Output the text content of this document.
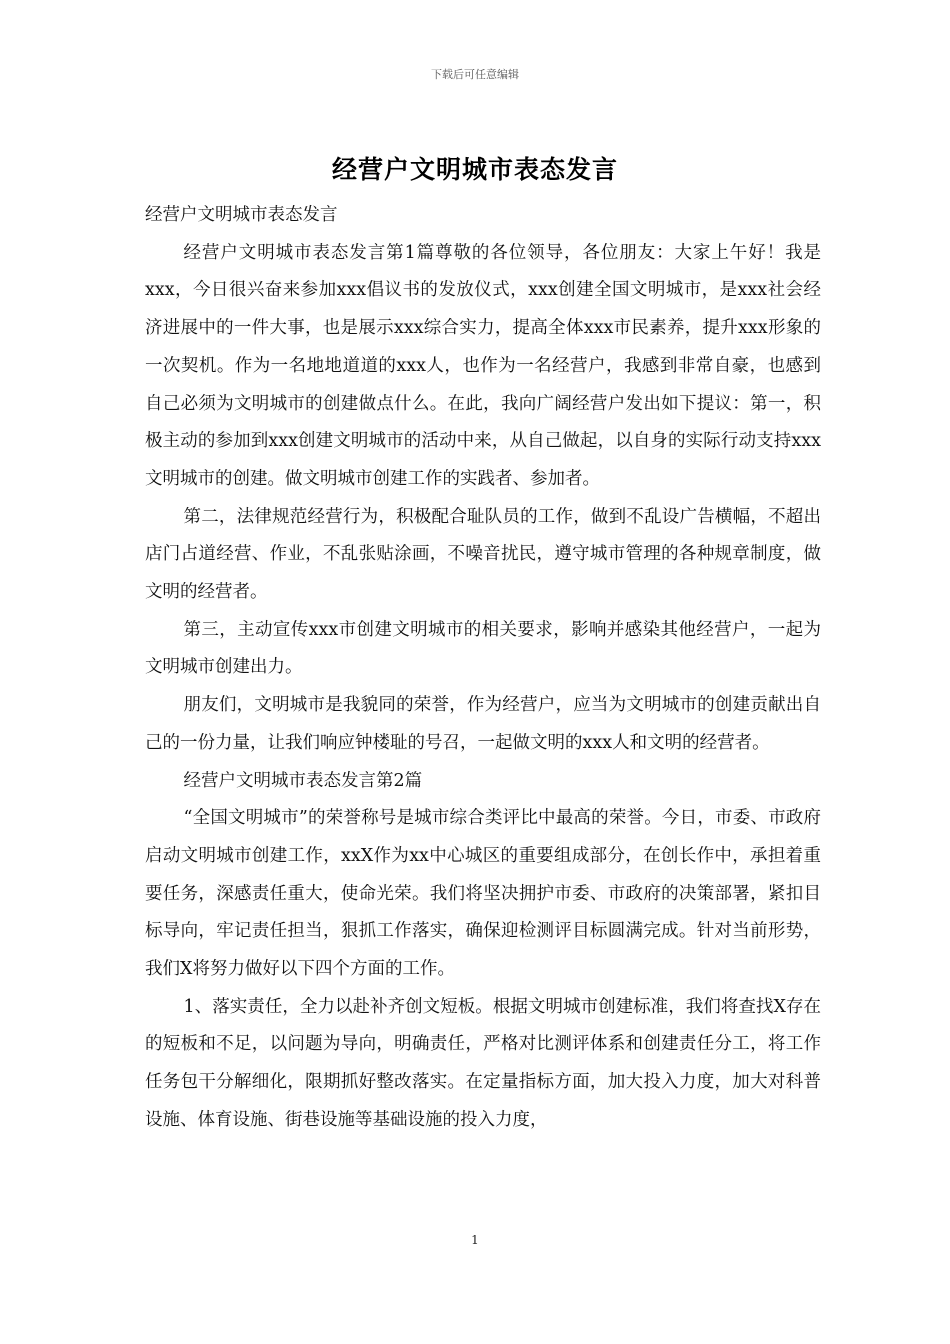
下载后可任意编辑
经营户文明城市表态发言

经营户文明城市表态发言

经营户文明城市表态发言第1篇尊敬的各位领导，各位朋友：大家上午好！我是xxx，今日很兴奋来参加xxx倡议书的发放仪式，xxx创建全国文明城市，是xxx社会经济进展中的一件大事，也是展示xxx综合实力，提高全体xxx市民素养，提升xxx形象的一次契机。作为一名地地道道的xxx人，也作为一名经营户，我感到非常自豪，也感到自己必须为文明城市的创建做点什么。在此，我向广阔经营户发出如下提议：第一，积极主动的参加到xxx创建文明城市的活动中来，从自己做起，以自身的实际行动支持xxx文明城市的创建。做文明城市创建工作的实践者、参加者。

第二，法律规范经营行为，积极配合耻队员的工作，做到不乱设广告横幅，不超出店门占道经营、作业，不乱张贴涂画，不噪音扰民，遵守城市管理的各种规章制度，做文明的经营者。

第三，主动宣传xxx市创建文明城市的相关要求，影响并感染其他经营户，一起为文明城市创建出力。

朋友们，文明城市是我貌同的荣誉，作为经营户，应当为文明城市的创建贡献出自己的一份力量，让我们响应钟楼耻的号召，一起做文明的xxx人和文明的经营者。

经营户文明城市表态发言第2篇

“全国文明城市”的荣誉称号是城市综合类评比中最高的荣誉。今日，市委、市政府启动文明城市创建工作，xxX作为xx中心城区的重要组成部分，在创长作中，承担着重要任务，深感责任重大，使命光荣。我们将坚决拥护市委、市政府的决策部署，紧扣目标导向，牢记责任担当，狠抓工作落实，确保迎检测评目标圆满完成。针对当前形势，我们X将努力做好以下四个方面的工作。

1、落实责任，全力以赴补齐创文短板。根据文明城市创建标准，我们将查找X存在的短板和不足，以问题为导向，明确责任，严格对比测评体系和创建责任分工，将工作任务包干分解细化，限期抓好整改落实。在定量指标方面，加大投入力度，加大对科普设施、体育设施、街巷设施等基础设施的投入力度，

1
